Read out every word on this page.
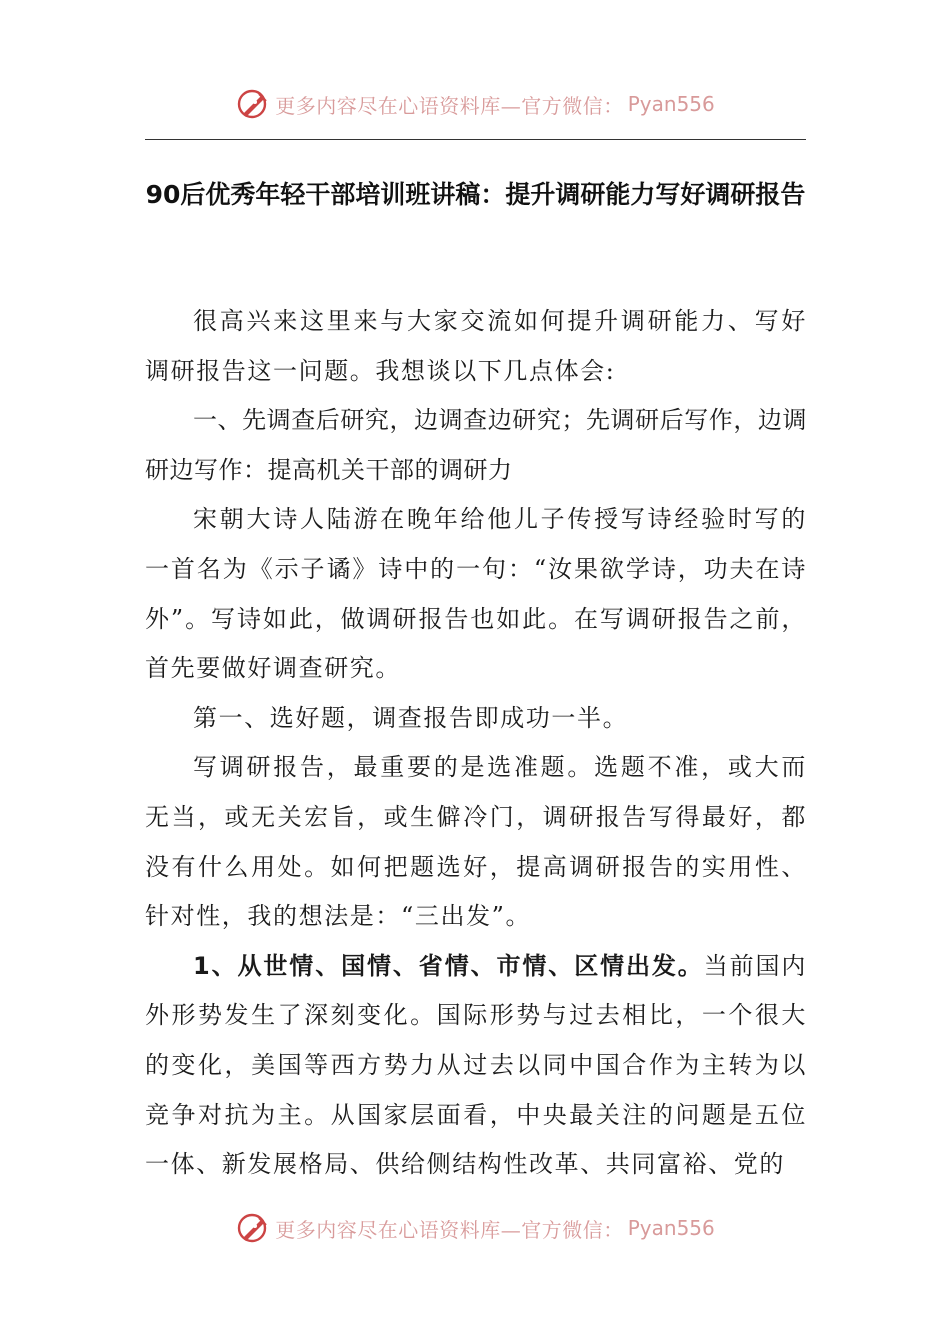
更多内容尽在心语资料库—官方微信： Pyan556
90后优秀年轻干部培训班讲稿：提升调研能力写好调研报告

很高兴来这里来与大家交流如何提升调研能力、写好调研报告这一问题。我想谈以下几点体会:

一、先调查后研究，边调查边研究；先调研后写作，边调研边写作：提高机关干部的调研力

宋朝大诗人陆游在晚年给他儿子传授写诗经验时写的一首名为《示子谲》诗中的一句：“汝果欲学诗，功夫在诗外”。写诗如此，做调研报告也如此。在写调研报告之前，首先要做好调查研究。

第一、选好题，调查报告即成功一半。

写调研报告，最重要的是选准题。选题不准，或大而无当，或无关宏旨，或生僻冷门，调研报告写得最好，都没有什么用处。如何把题选好，提高调研报告的实用性、针对性，我的想法是：“三出发”。

1、从世情、国情、省情、市情、区情出发。当前国内外形势发生了深刻变化。国际形势与过去相比，一个很大的变化，美国等西方势力从过去以同中国合作为主转为以竞争对抗为主。从国家层面看，中央最关注的问题是五位一体、新发展格局、供给侧结构性改革、共同富裕、党的

更多内容尽在心语资料库—官方微信： Pyan556
